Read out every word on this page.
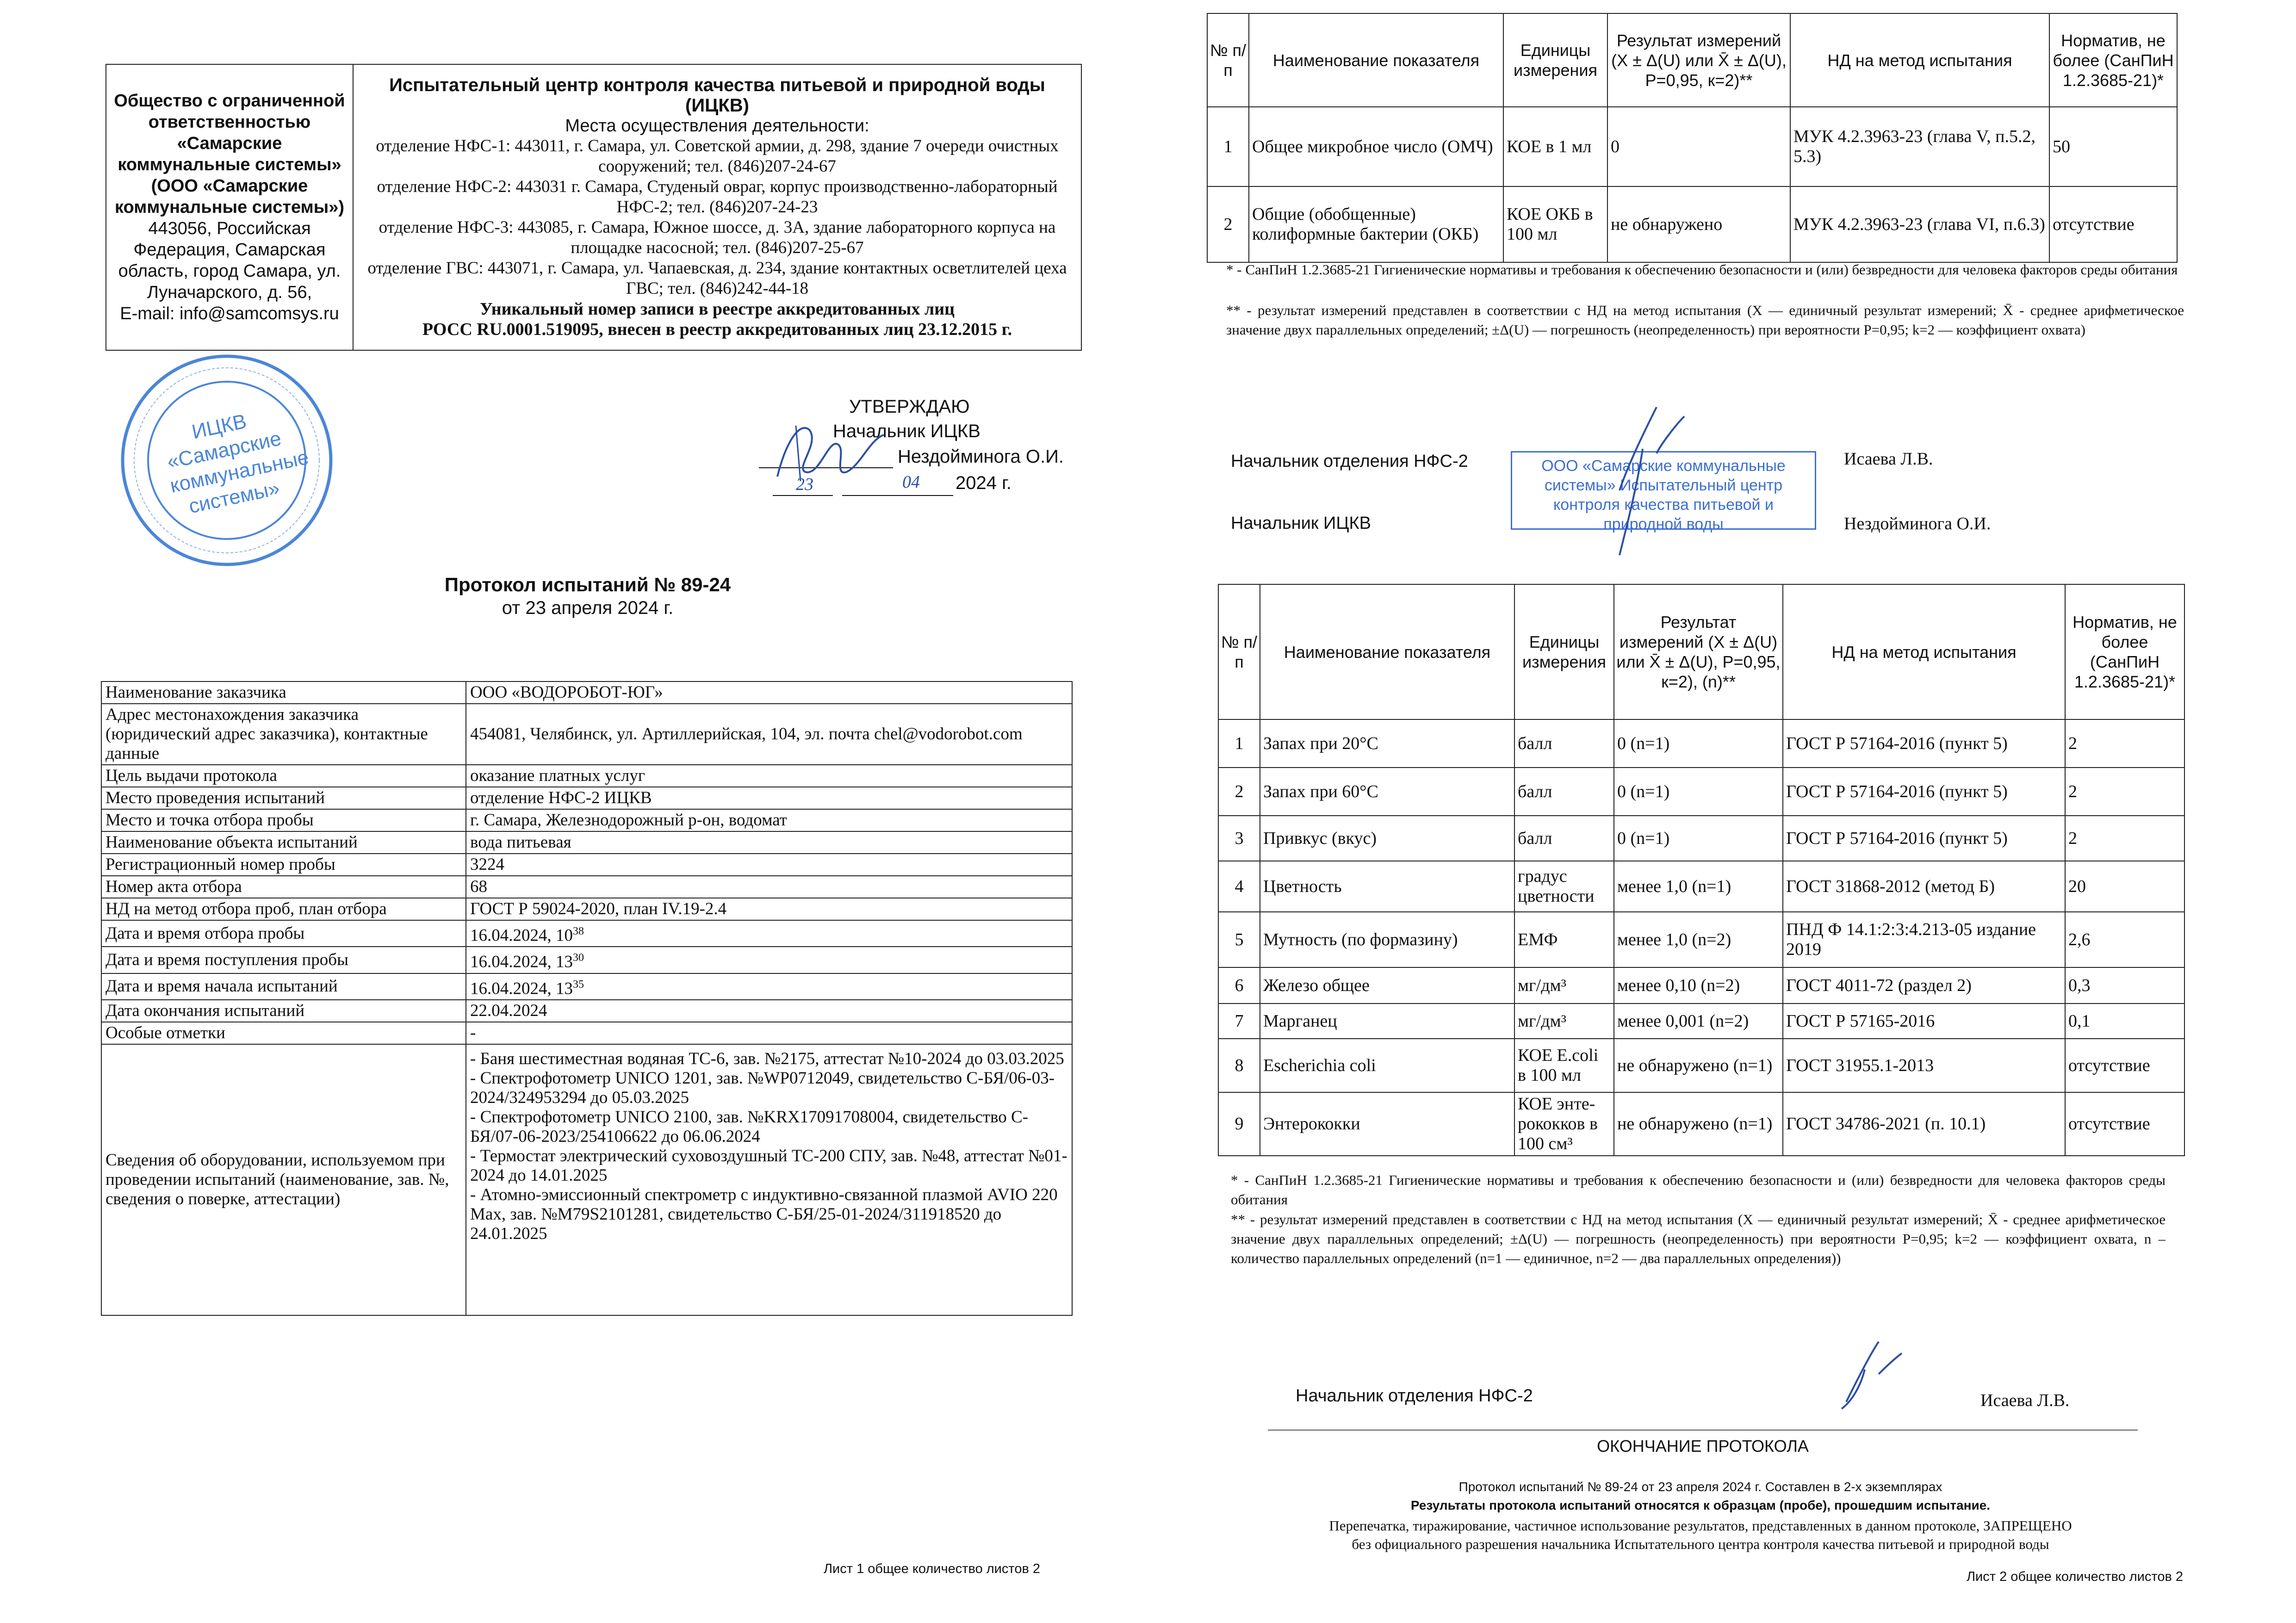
Общество с ограниченной ответственностью «Самарские коммунальные системы» (ООО «Самарские коммунальные системы»)
443056, Российская Федерация, Самарская область, город Самара, ул. Луначарского, д. 56,
E-mail: info@samcomsys.ru

Испытательный центр контроля качества питьевой и природной воды (ИЦКВ)
Места осуществления деятельности:
отделение НФС-1: 443011, г. Самара, ул. Советской армии, д. 298, здание 7 очереди очистных сооружений; тел. (846)207-24-67
отделение НФС-2: 443031 г. Самара, Студеный овраг, корпус производственно-лабораторный НФС-2; тел. (846)207-24-23
отделение НФС-3: 443085, г. Самара, Южное шоссе, д. 3А, здание лабораторного корпуса на площадке насосной; тел. (846)207-25-67
отделение ГВС: 443071, г. Самара, ул. Чапаевская, д. 234, здание контактных осветлителей цеха ГВС; тел. (846)242-44-18
Уникальный номер записи в реестре аккредитованных лиц
РОСС RU.0001.519095, внесен в реестр аккредитованных лиц 23.12.2015 г.
ИЦКВ «Самарские коммунальные системы»
УТВЕРЖДАЮ
Начальник ИЦКВ
Нездойминога О.И.
23	04 2024 г.
Протокол испытаний № 89-24
от 23 апреля 2024 г.
Наименование заказчика	ООО «ВОДОРОБОТ-ЮГ»
Адрес местонахождения заказчика (юридический адрес заказчика), контактные данные	454081, Челябинск, ул. Артиллерийская, 104, эл. почта chel@vodorobot.com
Цель выдачи протокола	оказание платных услуг
Место проведения испытаний	отделение НФС-2 ИЦКВ
Место и точка отбора пробы	г. Самара, Железнодорожный р-он, водомат
Наименование объекта испытаний	вода питьевая
Регистрационный номер пробы	3224
Номер акта отбора	68
НД на метод отбора проб, план отбора	ГОСТ Р 59024-2020, план IV.19-2.4
Дата и время отбора пробы	16.04.2024, $10^{38}$
Дата и время поступления пробы	16.04.2024, $13^{30}$
Дата и время начала испытаний	16.04.2024, $13^{35}$
Дата окончания испытаний	22.04.2024
Особые отметки	-
Сведения об оборудовании, используемом при проведении испытаний (наименование, зав. №, сведения о поверке, аттестации)	- Баня шестиместная водяная ТС-6, зав. №2175, аттестат №10-2024 до 03.03.2025
- Спектрофотометр UNICO 1201, зав. №WP0712049, свидетельство С-БЯ/06-03-2024/324953294 до 05.03.2025
- Спектрофотометр UNICO 2100, зав. №KRX17091708004, свидетельство С-БЯ/07-06-2023/254106622 до 06.06.2024
- Термостат электрический суховоздушный ТС-200 СПУ, зав. №48, аттестат №01-2024 до 14.01.2025
- Атомно-эмиссионный спектрометр с индуктивно-связанной плазмой AVIO 220 Max, зав. №M79S2101281, свидетельство С-БЯ/25-01-2024/311918520 до 24.01.2025
Лист 1 общее количество листов 2
№ п/п	Наименование показателя	Единицы измерения	Результат измерений (X ± Δ(U) или X̄ ± Δ(U), Р=0,95, к=2)**	НД на метод испытания	Норматив, не более (СанПиН 1.2.3685-21)*
1	Общее микробное число (ОМЧ)	КОЕ в 1 мл	0	МУК 4.2.3963-23 (глава V, п.5.2, 5.3)	50
2	Общие (обобщенные) колиформные бактерии (ОКБ)	КОЕ ОКБ в 100 мл	не обнаружено	МУК 4.2.3963-23 (глава VI, п.6.3)	отсутствие
* - СанПиН 1.2.3685-21 Гигиенические нормативы и требования к обеспечению безопасности и (или) безвредности для человека факторов среды обитания
** - результат измерений представлен в соответствии с НД на метод испытания (X — единичный результат измерений; X̄ - среднее арифметическое значение двух параллельных определений; ±Δ(U) — погрешность (неопределенность) при вероятности Р=0,95; k=2 — коэффициент охвата)
Начальник отделения НФС-2	Исаева Л.В.
Начальник ИЦКВ	Нездойминога О.И.
ООО «Самарские коммунальные системы» Испытательный центр контроля качества питьевой и природной воды
№ п/п	Наименование показателя	Единицы измерения	Результат измерений (X ± Δ(U) или X̄ ± Δ(U), Р=0,95, к=2), (n)**	НД на метод испытания	Норматив, не более (СанПиН 1.2.3685-21)*
1	Запах при 20°С	балл	0 (n=1)	ГОСТ Р 57164-2016 (пункт 5)	2
2	Запах при 60°С	балл	0 (n=1)	ГОСТ Р 57164-2016 (пункт 5)	2
3	Привкус (вкус)	балл	0 (n=1)	ГОСТ Р 57164-2016 (пункт 5)	2
4	Цветность	градус цветности	менее 1,0 (n=1)	ГОСТ 31868-2012 (метод Б)	20
5	Мутность (по формазину)	ЕМФ	менее 1,0 (n=2)	ПНД Ф 14.1:2:3:4.213-05 издание 2019	2,6
6	Железо общее	мг/дм³	менее 0,10 (n=2)	ГОСТ 4011-72 (раздел 2)	0,3
7	Марганец	мг/дм³	менее 0,001 (n=2)	ГОСТ Р 57165-2016	0,1
8	Escherichia coli	КОЕ E.coli в 100 мл	не обнаружено (n=1)	ГОСТ 31955.1-2013	отсутствие
9	Энтерококки	КОЕ энте-рококков в 100 см³	не обнаружено (n=1)	ГОСТ 34786-2021 (п. 10.1)	отсутствие
* - СанПиН 1.2.3685-21 Гигиенические нормативы и требования к обеспечению безопасности и (или) безвредности для человека факторов среды обитания
** - результат измерений представлен в соответствии с НД на метод испытания (X — единичный результат измерений; X̄ - среднее арифметическое значение двух параллельных определений; ±Δ(U) — погрешность (неопределенность) при вероятности Р=0,95; k=2 — коэффициент охвата, n – количество параллельных определений (n=1 — единичное, n=2 — два параллельных определения))
Начальник отделения НФС-2	Исаева Л.В.
ОКОНЧАНИЕ ПРОТОКОЛА
Протокол испытаний № 89-24 от 23 апреля 2024 г. Составлен в 2-х экземплярах
Результаты протокола испытаний относятся к образцам (пробе), прошедшим испытание.
Перепечатка, тиражирование, частичное использование результатов, представленных в данном протоколе, ЗАПРЕЩЕНО
без официального разрешения начальника Испытательного центра контроля качества питьевой и природной воды
Лист 2 общее количество листов 2
